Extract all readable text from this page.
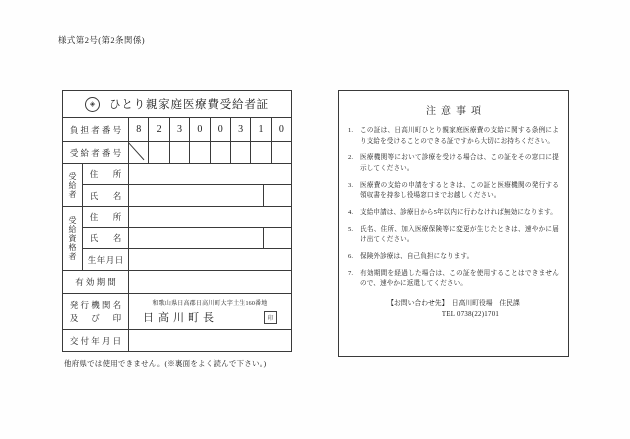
様式第2号(第2条関係)
◈	ひとり親家庭医療費受給者証
負担者番号	8	2	3	0	0	3	1	0
受給者番号
受給者	住　所
氏　名
受給資格者	住　所
氏　名
生年月日
有効期間
発行機関名
及　び　印
和歌山県日高郡日高川町大字土生160番地
日高川町長	印
交付年月日
他府県では使用できません。(※裏面をよく読んで下さい。)
注意事項
1.	この証は、日高川町ひとり親家庭医療費の支給に関する条例により支給を受けることのできる証ですから大切にお持ちください。
2.	医療機関等において診療を受ける場合は、この証をその窓口に提示してください。
3.	医療費の支給の申請をするときは、この証と医療機関の発行する領収書を持参し役場窓口までお越しください。
4.	支給申請は、診療日から5年以内に行わなければ無効になります。
5.	氏名、住所、加入医療保険等に変更が生じたときは、速やかに届け出てください。
6.	保険外診療は、自己負担になります。
7.	有効期間を経過した場合は、この証を使用することはできませんので、速やかに返還してください。
【お問い合わせ先】　 日高川町役場　住民課
TEL 0738(22)1701
